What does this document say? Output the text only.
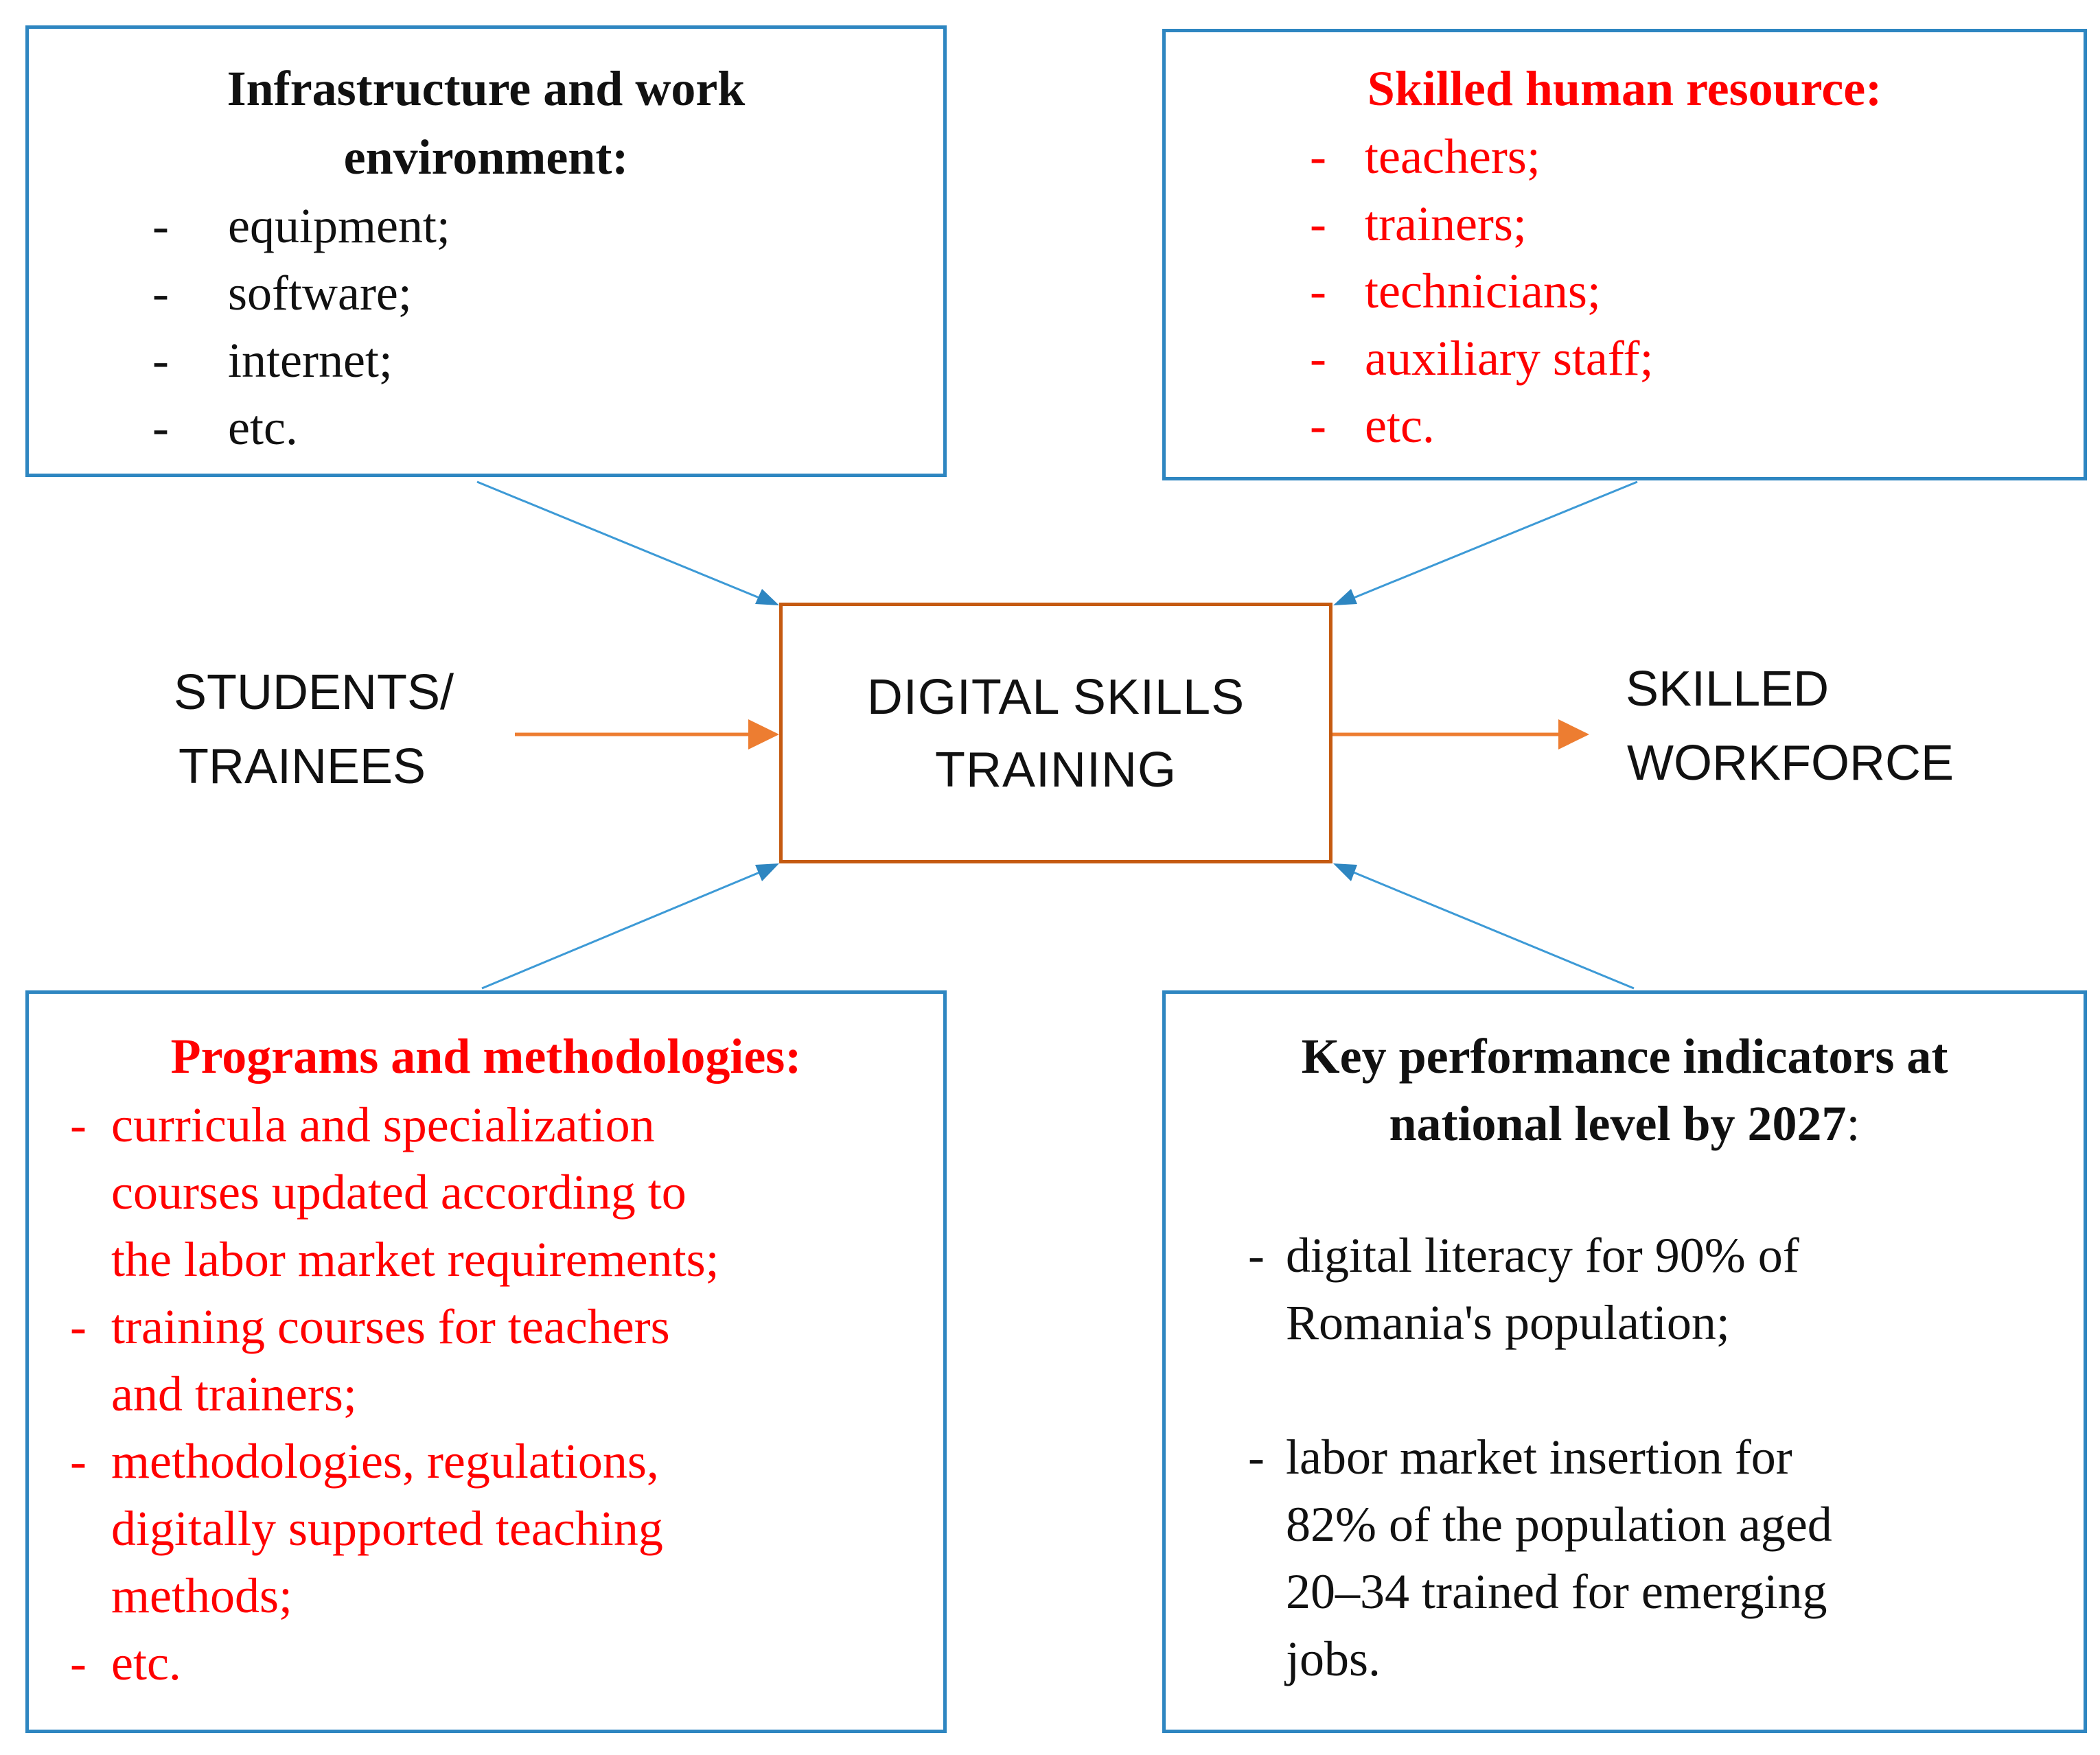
Infrastructure and work
environment:
- equipment;
- software;
- internet;
- etc.
Skilled human resource:
- teachers;
- trainers;
- technicians;
- auxiliary staff;
- etc.
DIGITAL SKILLS
TRAINING
STUDENTS/
TRAINEES
SKILLED
WORKFORCE
Programs and methodologies:
- curricula and specialization
courses updated according to
the labor market requirements;
- training courses for teachers
and trainers;
- methodologies, regulations,
digitally supported teaching
methods;
- etc.
Key performance indicators at
national level by 2027:
- digital literacy for 90% of
Romania's population;
- labor market insertion for
82% of the population aged
20–34 trained for emerging
jobs.
